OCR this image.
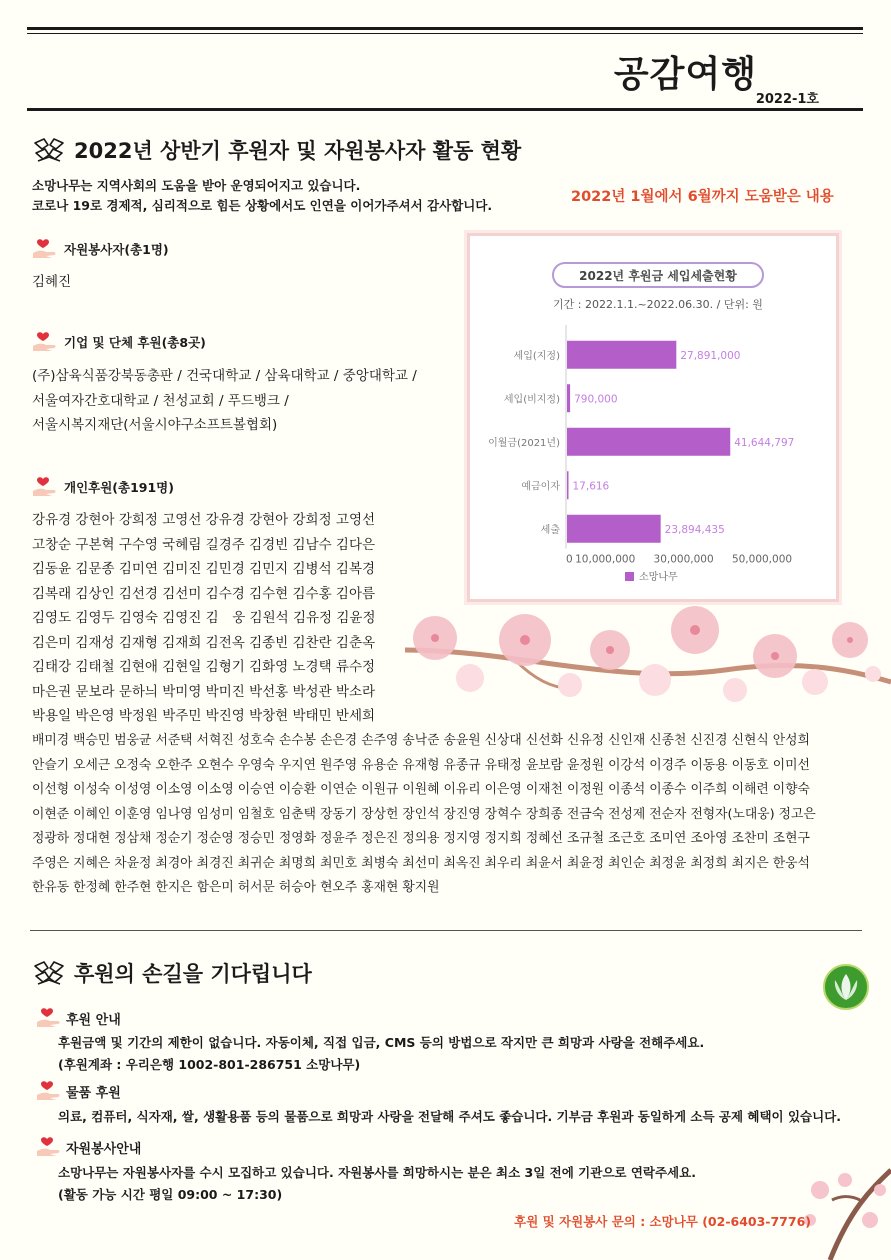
공감여행
2022-1호
2022년 상반기 후원자 및 자원봉사자 활동 현황
소망나무는 지역사회의 도움을 받아 운영되어지고 있습니다.
코로나 19로 경제적, 심리적으로 힘든 상황에서도 인연을 이어가주셔서 감사합니다.
2022년 1월에서 6월까지 도움받은 내용
자원봉사자(총1명)
김혜진
기업 및 단체 후원(총8곳)
(주)삼육식품강북동총판 / 건국대학교 / 삼육대학교 / 중앙대학교 /
서울여자간호대학교 / 천성교회 / 푸드뱅크 /
서울시복지재단(서울시야구소프트볼협회)
개인후원(총191명)
강유경 강현아 강희정 고영선 강유경 강현아 강희정 고영선
고창순 구본혁 구수영 국혜림 길경주 김경빈 김남수 김다은
김동윤 김문종 김미연 김미진 김민경 김민지 김병석 김복경
김복래 김상인 김선경 김선미 김수경 김수현 김수홍 김아름
김영도 김영두 김영숙 김영진 김　웅 김원석 김유정 김윤정
김은미 김재성 김재형 김재희 김전옥 김종빈 김찬란 김춘옥
김태강 김태철 김현애 김현일 김형기 김화영 노경택 류수정
마은권 문보라 문하늬 박미영 박미진 박선홍 박성관 박소라
박용일 박은영 박정원 박주민 박진영 박창현 박태민 반세희
배미경 백승민 범웅균 서준택 서혁진 성호숙 손수봉 손은경 손주영 송낙준 송윤원 신상대 신선화 신유정 신인재 신종천 신진경 신현식 안성희
안슬기 오세근 오정숙 오한주 오현수 우영숙 우지연 원주영 유용순 유재형 유종규 유태정 윤보람 윤정원 이강석 이경주 이동용 이동호 이미선
이선형 이성숙 이성영 이소영 이소영 이승연 이승환 이연순 이원규 이원혜 이유리 이은영 이재천 이정원 이종석 이종수 이주희 이해련 이향숙
이현준 이혜인 이훈영 임나영 임성미 임철호 임춘택 장동기 장상헌 장인석 장진영 장혁수 장희종 전금숙 전성제 전순자 전형자(노대웅) 정고은
정광하 정대현 정삼채 정순기 정순영 정승민 정영화 정윤주 정은진 정의용 정지영 정지희 정혜선 조규철 조근호 조미연 조아영 조찬미 조현구
주영은 지혜은 차윤정 최경아 최경진 최귀순 최명희 최민호 최병숙 최선미 최옥진 최우리 최윤서 최윤정 최인순 최정윤 최정희 최지은 한웅석
한유동 한정혜 한주현 한지은 함은미 허서문 허승아 현오주 홍재현 황지원
2022년 후원금 세입세출현황
기간 : 2022.1.1.~2022.06.30. / 단위: 원
세입(지정)	27,891,000
세입(비지정) 790,000
이월금(2021년)	41,644,797
예금이자 17,616
세출	23,894,435
0 10,000,000 30,000,000 50,000,000
소망나무
후원의 손길을 기다립니다
후원 안내
후원금액 및 기간의 제한이 없습니다. 자동이체, 직접 입금, CMS 등의 방법으로 작지만 큰 희망과 사랑을 전해주세요.
(후원계좌 : 우리은행 1002-801-286751 소망나무)
물품 후원
의료, 컴퓨터, 식자재, 쌀, 생활용품 등의 물품으로 희망과 사랑을 전달해 주셔도 좋습니다. 기부금 후원과 동일하게 소득 공제 혜택이 있습니다.
자원봉사안내
소망나무는 자원봉사자를 수시 모집하고 있습니다. 자원봉사를 희망하시는 분은 최소 3일 전에 기관으로 연락주세요.
(활동 가능 시간 평일 09:00 ~ 17:30)
후원 및 자원봉사 문의 : 소망나무 (02-6403-7776)
